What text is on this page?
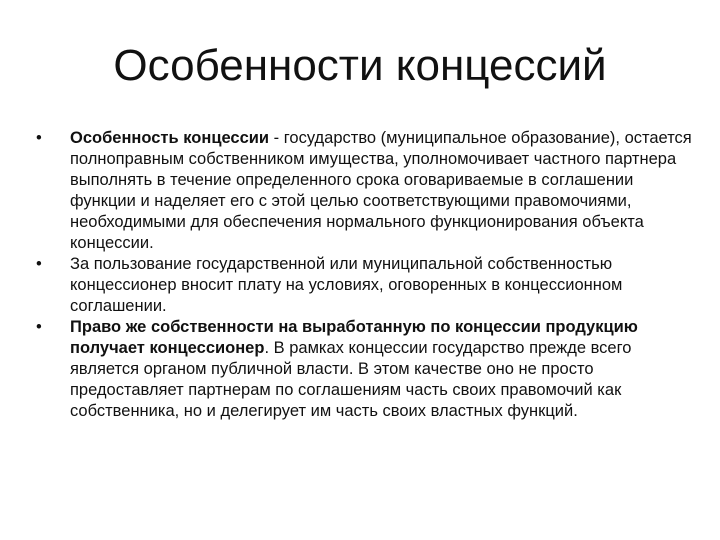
Особенности концессий
•	Особенность концессии - государство (муниципальное образование), остается полноправным собственником имущества, уполномочивает частного партнера выполнять в течение определенного срока оговариваемые в соглашении функции и наделяет его с этой целью соответствующими правомочиями, необходимыми для обеспечения нормального функционирования объекта концессии.
•	За пользование государственной или муниципальной собственностью концессионер вносит плату на условиях, оговоренных в концессионном соглашении.
•	Право же собственности на выработанную по концессии продукцию получает концессионер. В рамках концессии государство прежде всего является органом публичной власти. В этом качестве оно не просто предоставляет партнерам по соглашениям часть своих правомочий как собственника, но и делегирует им часть своих властных функций.
